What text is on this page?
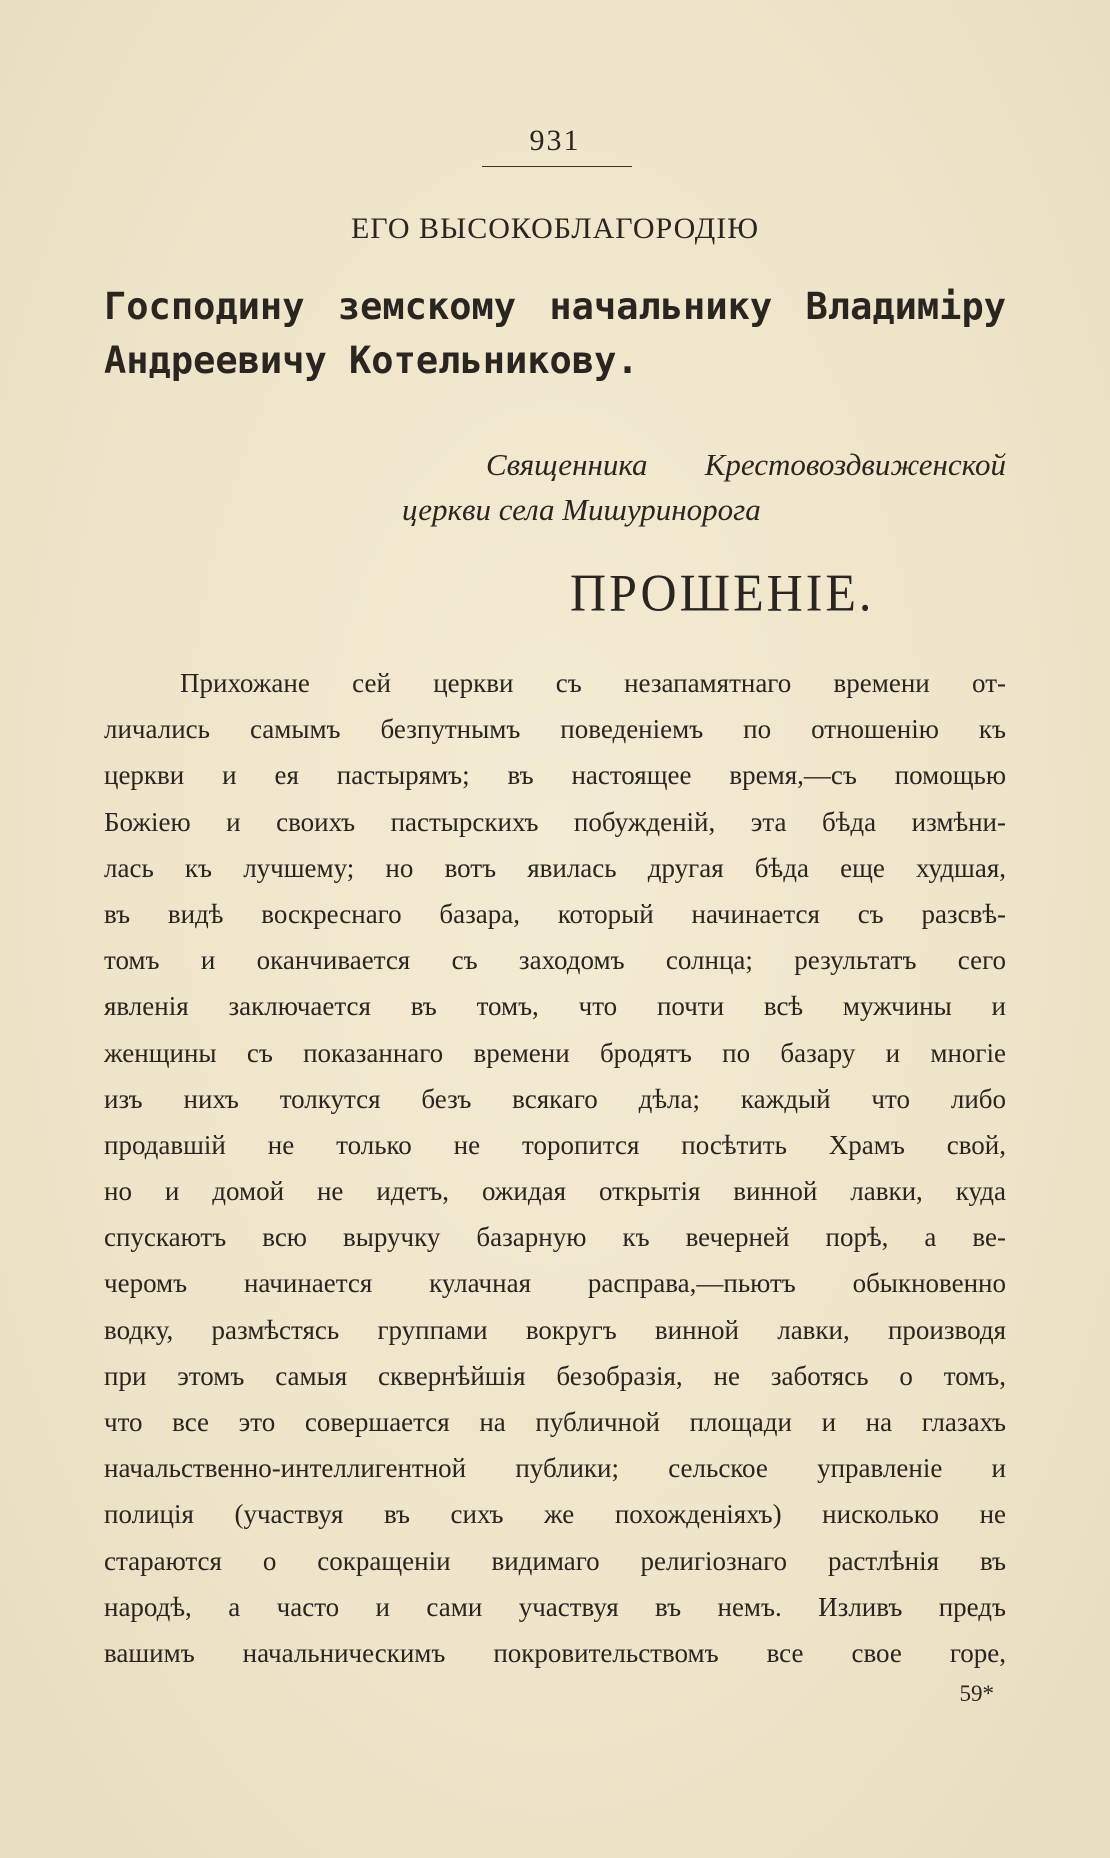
931
ЕГО ВЫСОКОБЛАГОРОДІЮ
Господину земскому начальнику Владиміру Андреевичу Котельникову.
Священника Крестовоздвиженской
церкви села Мишуринорога
ПРОШЕНІЕ.
Прихожане сей церкви съ незапамятнаго времени от-
личались самымъ безпутнымъ поведеніемъ по отношенію къ
церкви и ея пастырямъ; въ настоящее время,—съ помощью
Божіею и своихъ пастырскихъ побужденій, эта бѣда измѣни-
лась къ лучшему; но вотъ явилась другая бѣда еще худшая,
въ видѣ воскреснаго базара, который начинается съ разсвѣ-
томъ и оканчивается съ заходомъ солнца; результатъ сего
явленія заключается въ томъ, что почти всѣ мужчины и
женщины съ показаннаго времени бродятъ по базару и многіе
изъ нихъ толкутся безъ всякаго дѣла; каждый что либо
продавшій не только не торопится посѣтить Храмъ свой,
но и домой не идетъ, ожидая открытія винной лавки, куда
спускаютъ всю выручку базарную къ вечерней порѣ, а ве-
черомъ начинается кулачная расправа,—пьютъ обыкновенно
водку, размѣстясь группами вокругъ винной лавки, производя
при этомъ самыя сквернѣйшія безобразія, не заботясь о томъ,
что все это совершается на публичной площади и на глазахъ
начальственно-интеллигентной публики; сельское управленіе и
полиція (участвуя въ сихъ же похожденіяхъ) нисколько не
стараются о сокращеніи видимаго религіознаго растлѣнія въ
народѣ, а часто и сами участвуя въ немъ. Изливъ предъ
вашимъ начальническимъ покровительствомъ все свое горе,
59*
